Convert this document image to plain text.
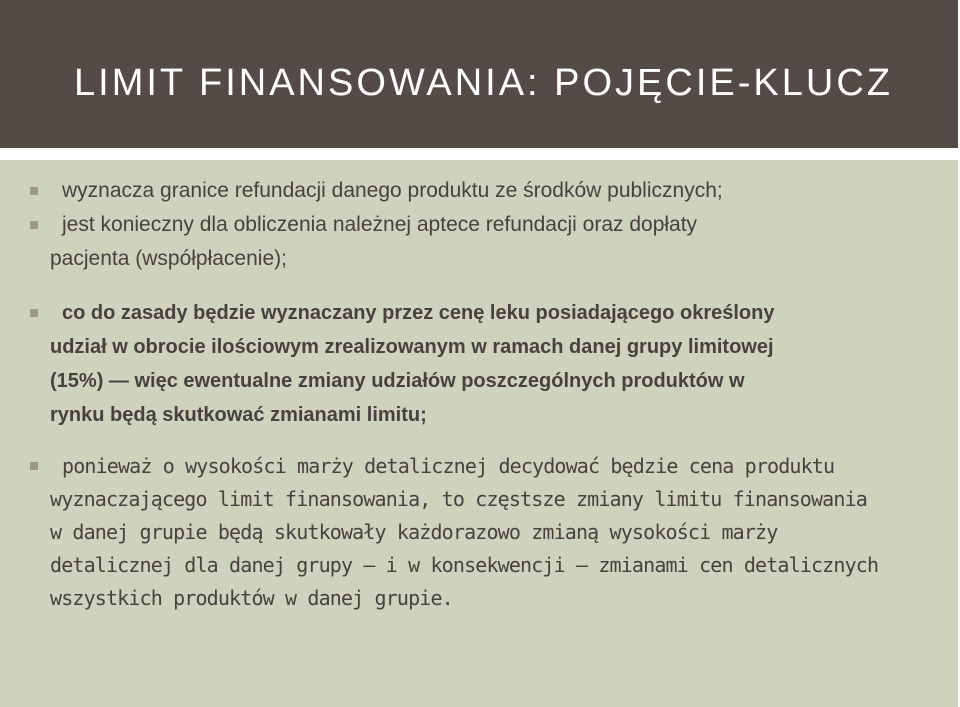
LIMIT FINANSOWANIA: POJĘCIE-KLUCZ
wyznacza granice refundacji danego produktu ze środków publicznych;
jest konieczny dla obliczenia należnej aptece refundacji oraz dopłaty
pacjenta (współpłacenie);
co do zasady będzie wyznaczany przez cenę leku posiadającego określony
udział w obrocie ilościowym zrealizowanym w ramach danej grupy limitowej
(15%) — więc ewentualne zmiany udziałów poszczególnych produktów w
rynku będą skutkować zmianami limitu;
ponieważ o wysokości marży detalicznej decydować będzie cena produktu
wyznaczającego limit finansowania, to częstsze zmiany limitu finansowania
w danej grupie będą skutkowały każdorazowo zmianą wysokości marży
detalicznej dla danej grupy — i w konsekwencji — zmianami cen detalicznych
wszystkich produktów w danej grupie.
